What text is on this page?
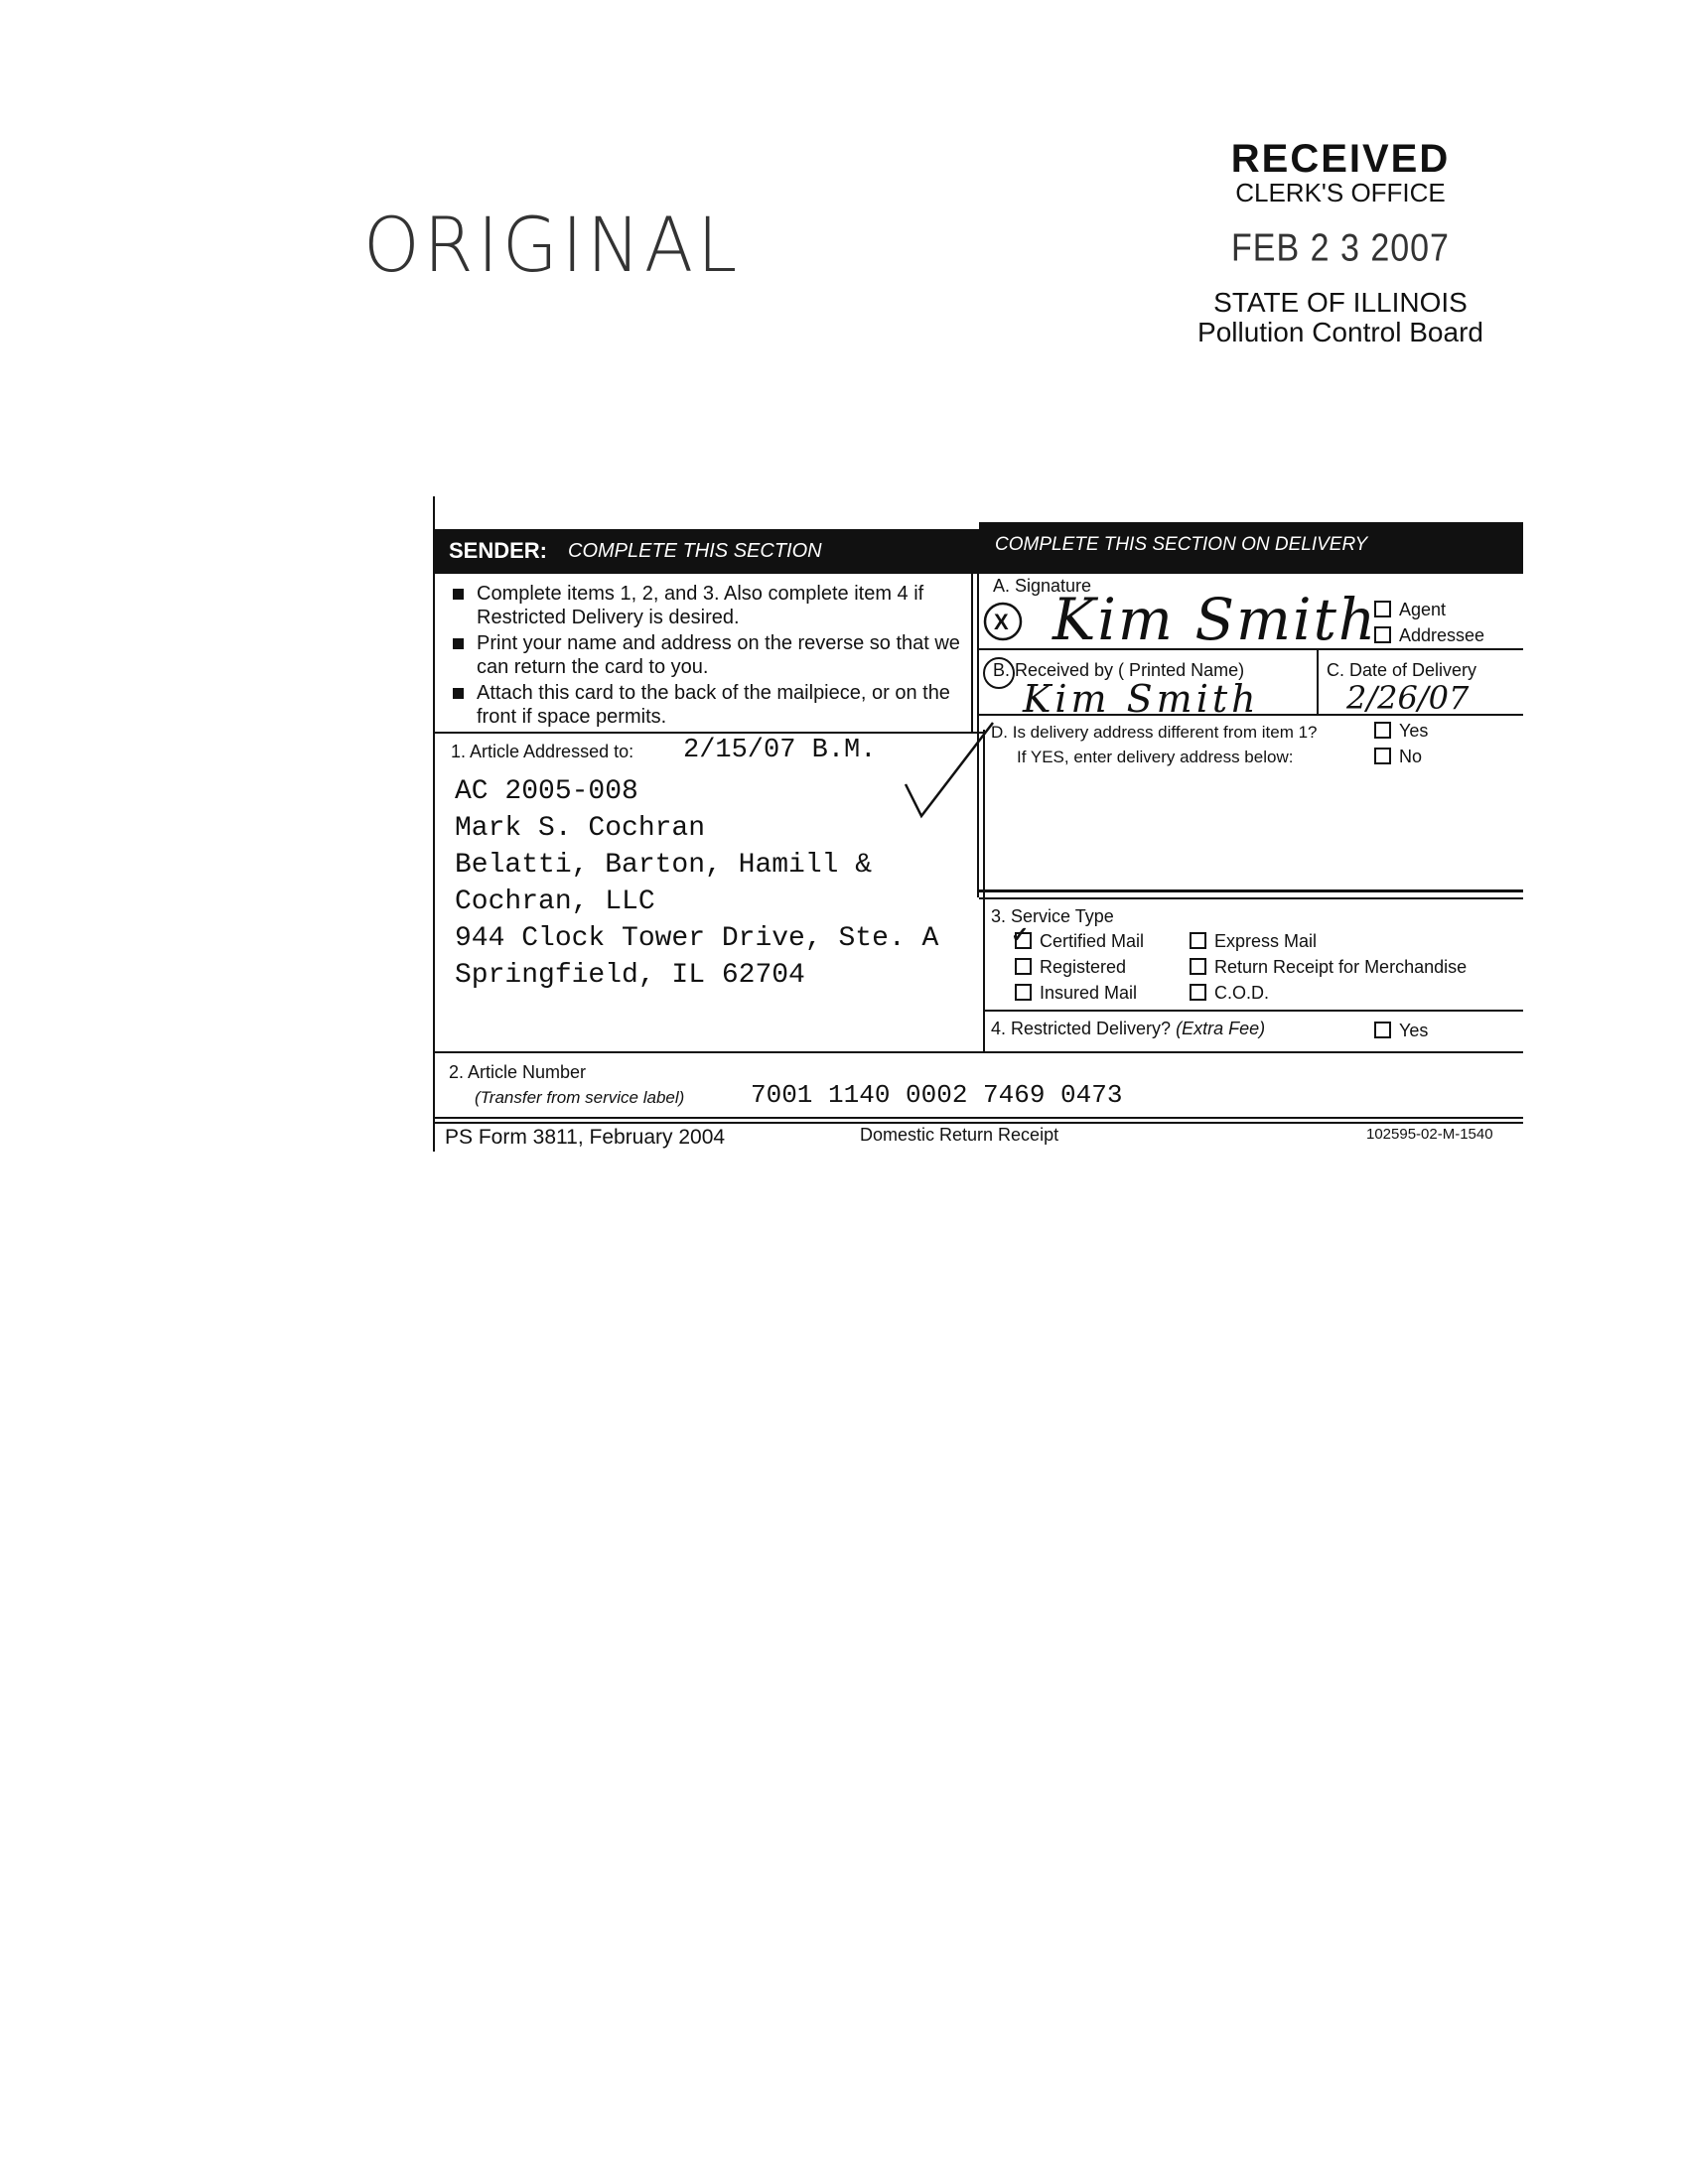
ORIGINAL
RECEIVED
CLERK'S OFFICE
FEB 2 3 2007
STATE OF ILLINOIS
Pollution Control Board
SENDER: COMPLETE THIS SECTION	COMPLETE THIS SECTION ON DELIVERY
Complete items 1, 2, and 3. Also complete item 4 if Restricted Delivery is desired.
Print your name and address on the reverse so that we can return the card to you.
Attach this card to the back of the mailpiece, or on the front if space permits.
1. Article Addressed to: 2/15/07 B.M.
AC 2005-008
Mark S. Cochran
Belatti, Barton, Hamill &
Cochran, LLC
944 Clock Tower Drive, Ste. A
Springfield, IL 62704
A. Signature
X Kim Smith	Agent
Addressee
B. Received by ( Printed Name)
Kim Smith
C. Date of Delivery
2/26/07
D. Is delivery address different from item 1?
If YES, enter delivery address below:
Yes
No
3. Service Type
✓ Certified Mail	Express Mail
Registered	Return Receipt for Merchandise
Insured Mail	C.O.D.
4. Restricted Delivery? (Extra Fee)	Yes
2. Article Number
(Transfer from service label)	7001 1140 0002 7469 0473
PS Form 3811, February 2004	Domestic Return Receipt	102595-02-M-1540
